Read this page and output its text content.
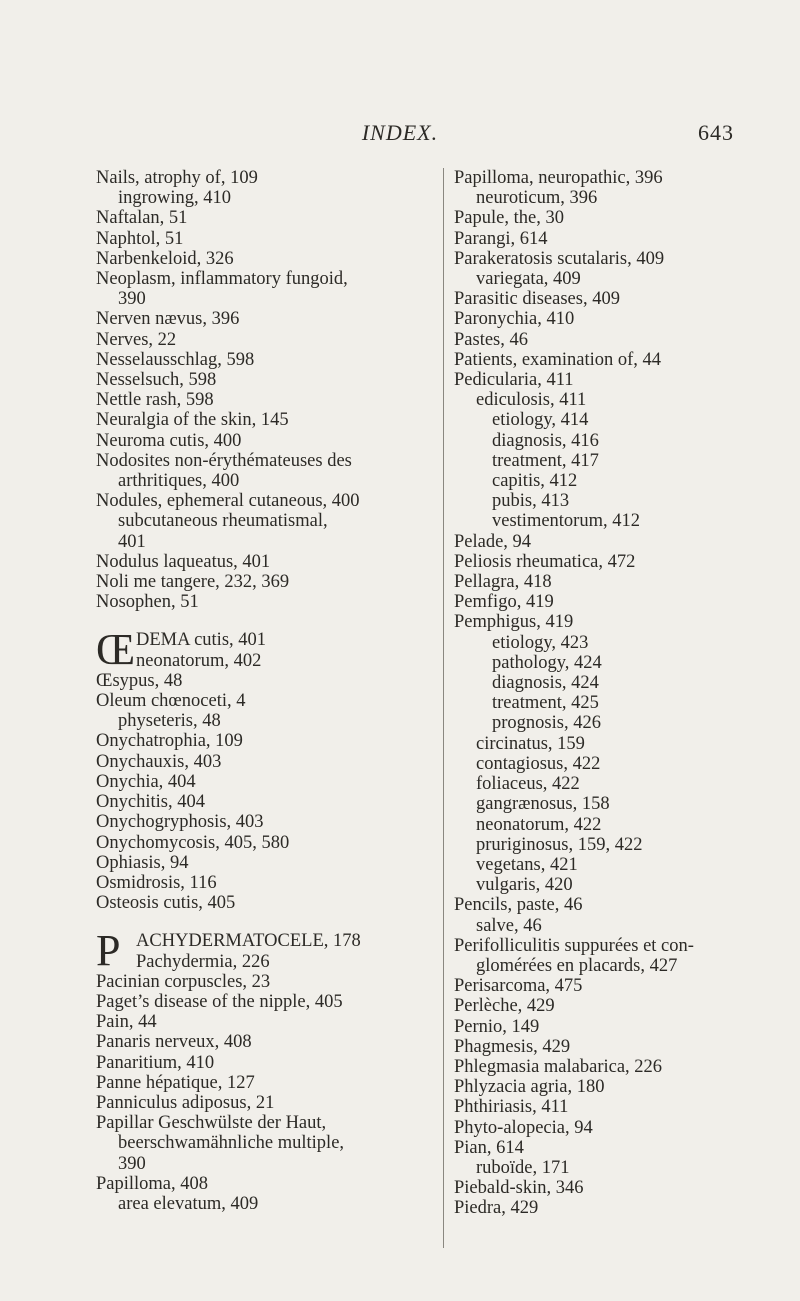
INDEX.	643
Nails, atrophy of, 109
ingrowing, 410
Naftalan, 51
Naphtol, 51
Narbenkeloid, 326
Neoplasm, inflammatory fungoid,
390
Nerven nævus, 396
Nerves, 22
Nesselausschlag, 598
Nesselsuch, 598
Nettle rash, 598
Neuralgia of the skin, 145
Neuroma cutis, 400
Nodosites non-érythémateuses des
arthritiques, 400
Nodules, ephemeral cutaneous, 400
subcutaneous rheumatismal,
401
Nodulus laqueatus, 401
Noli me tangere, 232, 369
Nosophen, 51
Œ DEMA cutis, 401
neonatorum, 402
Œsypus, 48
Oleum chœnoceti, 4
physeteris, 48
Onychatrophia, 109
Onychauxis, 403
Onychia, 404
Onychitis, 404
Onychogryphosis, 403
Onychomycosis, 405, 580
Ophiasis, 94
Osmidrosis, 116
Osteosis cutis, 405
P ACHYDERMATOCELE, 178
Pachydermia, 226
Pacinian corpuscles, 23
Paget’s disease of the nipple, 405
Pain, 44
Panaris nerveux, 408
Panaritium, 410
Panne hépatique, 127
Panniculus adiposus, 21
Papillar Geschwülste der Haut,
beerschwamähnliche multiple,
390
Papilloma, 408
area elevatum, 409
Papilloma, neuropathic, 396
neuroticum, 396
Papule, the, 30
Parangi, 614
Parakeratosis scutalaris, 409
variegata, 409
Parasitic diseases, 409
Paronychia, 410
Pastes, 46
Patients, examination of, 44
Pedicularia, 411
ediculosis, 411
etiology, 414
diagnosis, 416
treatment, 417
capitis, 412
pubis, 413
vestimentorum, 412
Pelade, 94
Peliosis rheumatica, 472
Pellagra, 418
Pemfigo, 419
Pemphigus, 419
etiology, 423
pathology, 424
diagnosis, 424
treatment, 425
prognosis, 426
circinatus, 159
contagiosus, 422
foliaceus, 422
gangrænosus, 158
neonatorum, 422
pruriginosus, 159, 422
vegetans, 421
vulgaris, 420
Pencils, paste, 46
salve, 46
Perifolliculitis suppurées et con-
glomérées en placards, 427
Perisarcoma, 475
Perlèche, 429
Pernio, 149
Phagmesis, 429
Phlegmasia malabarica, 226
Phlyzacia agria, 180
Phthiriasis, 411
Phyto-alopecia, 94
Pian, 614
ruboïde, 171
Piebald-skin, 346
Piedra, 429
